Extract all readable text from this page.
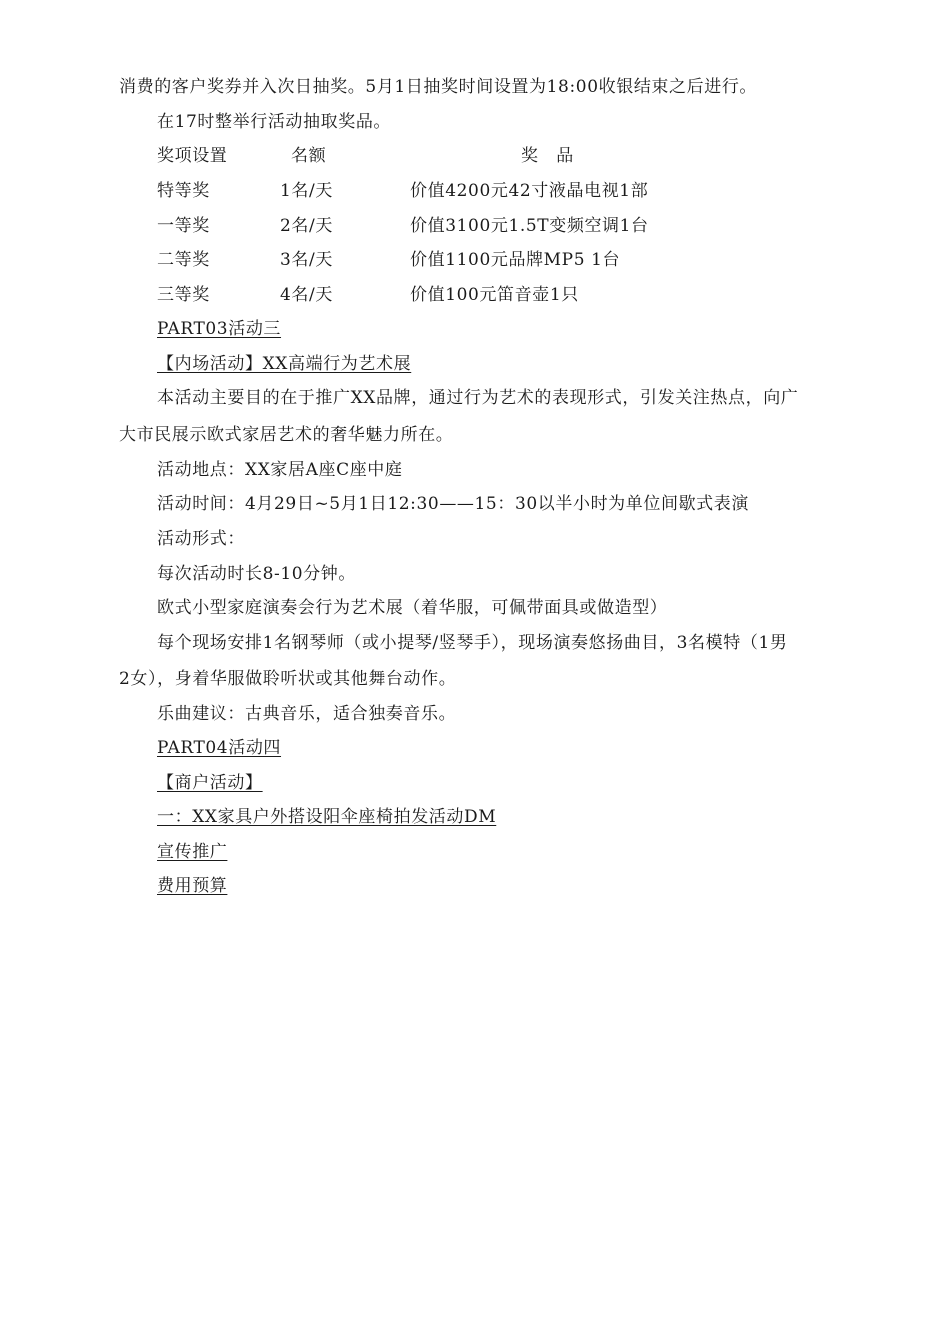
消费的客户奖券并入次日抽奖。5月1日抽奖时间设置为18:00收银结束之后进行。
在17时整举行活动抽取奖品。
奖项设置	名额	奖　品
特等奖	1名/天	价值4200元42寸液晶电视1部
一等奖	2名/天	价值3100元1.5T变频空调1台
二等奖	3名/天	价值1100元品牌MP5 1台
三等奖	4名/天	价值100元笛音壶1只
PART03活动三
【内场活动】XX高端行为艺术展
本活动主要目的在于推广XX品牌，通过行为艺术的表现形式，引发关注热点，向广
大市民展示欧式家居艺术的奢华魅力所在。
活动地点：XX家居A座C座中庭
活动时间：4月29日~5月1日12:30——15：30以半小时为单位间歇式表演
活动形式：
每次活动时长8-10分钟。
欧式小型家庭演奏会行为艺术展（着华服，可佩带面具或做造型）
每个现场安排1名钢琴师（或小提琴/竖琴手），现场演奏悠扬曲目，3名模特（1男
2女），身着华服做聆听状或其他舞台动作。
乐曲建议：古典音乐，适合独奏音乐。
PART04活动四
【商户活动】
一：XX家具户外搭设阳伞座椅拍发活动DM
宣传推广
费用预算
